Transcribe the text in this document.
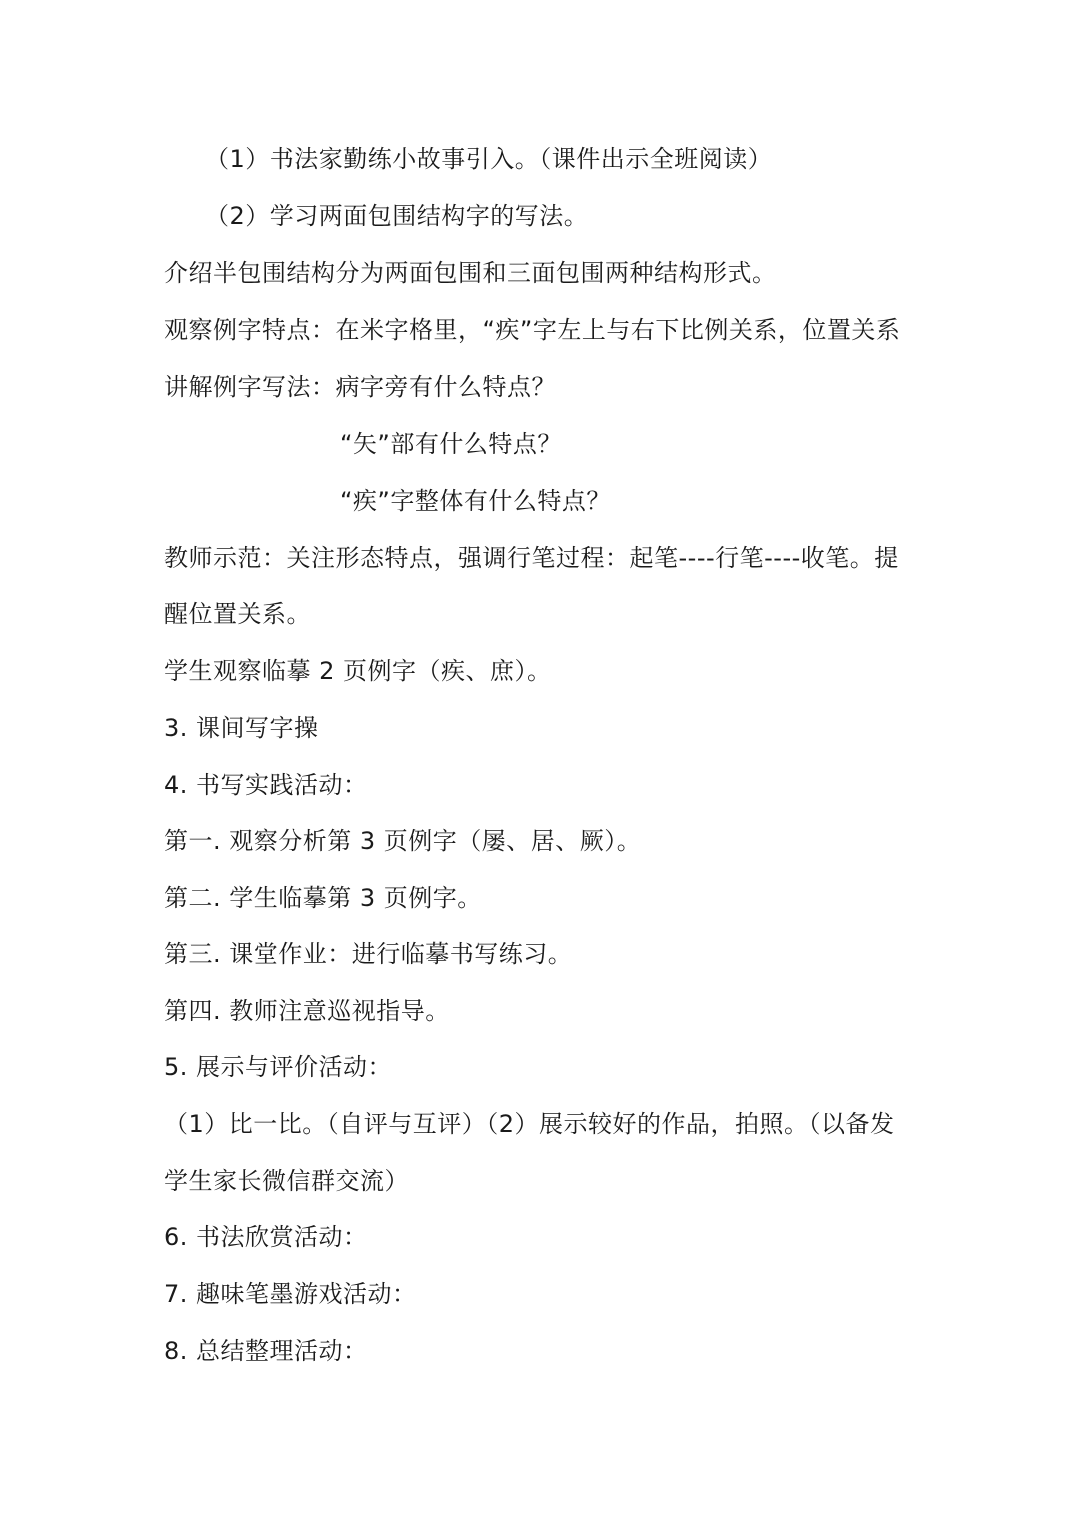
（1）书法家勤练小故事引入。（课件出示全班阅读）
（2）学习两面包围结构字的写法。
介绍半包围结构分为两面包围和三面包围两种结构形式。
观察例字特点：在米字格里，“疾”字左上与右下比例关系，位置关系
讲解例字写法：病字旁有什么特点？
“矢”部有什么特点？
“疾”字整体有什么特点？
教师示范：关注形态特点，强调行笔过程：起笔----行笔----收笔。提
醒位置关系。
学生观察临摹 2 页例字（疾、庶）。
3. 课间写字操
4. 书写实践活动：
第一. 观察分析第 3 页例字（屡、居、厥）。
第二. 学生临摹第 3 页例字。
第三. 课堂作业：进行临摹书写练习。
第四. 教师注意巡视指导。
5. 展示与评价活动：
（1）比一比。（自评与互评）（2）展示较好的作品，拍照。（以备发
学生家长微信群交流）
6. 书法欣赏活动：
7. 趣味笔墨游戏活动：
8. 总结整理活动：
